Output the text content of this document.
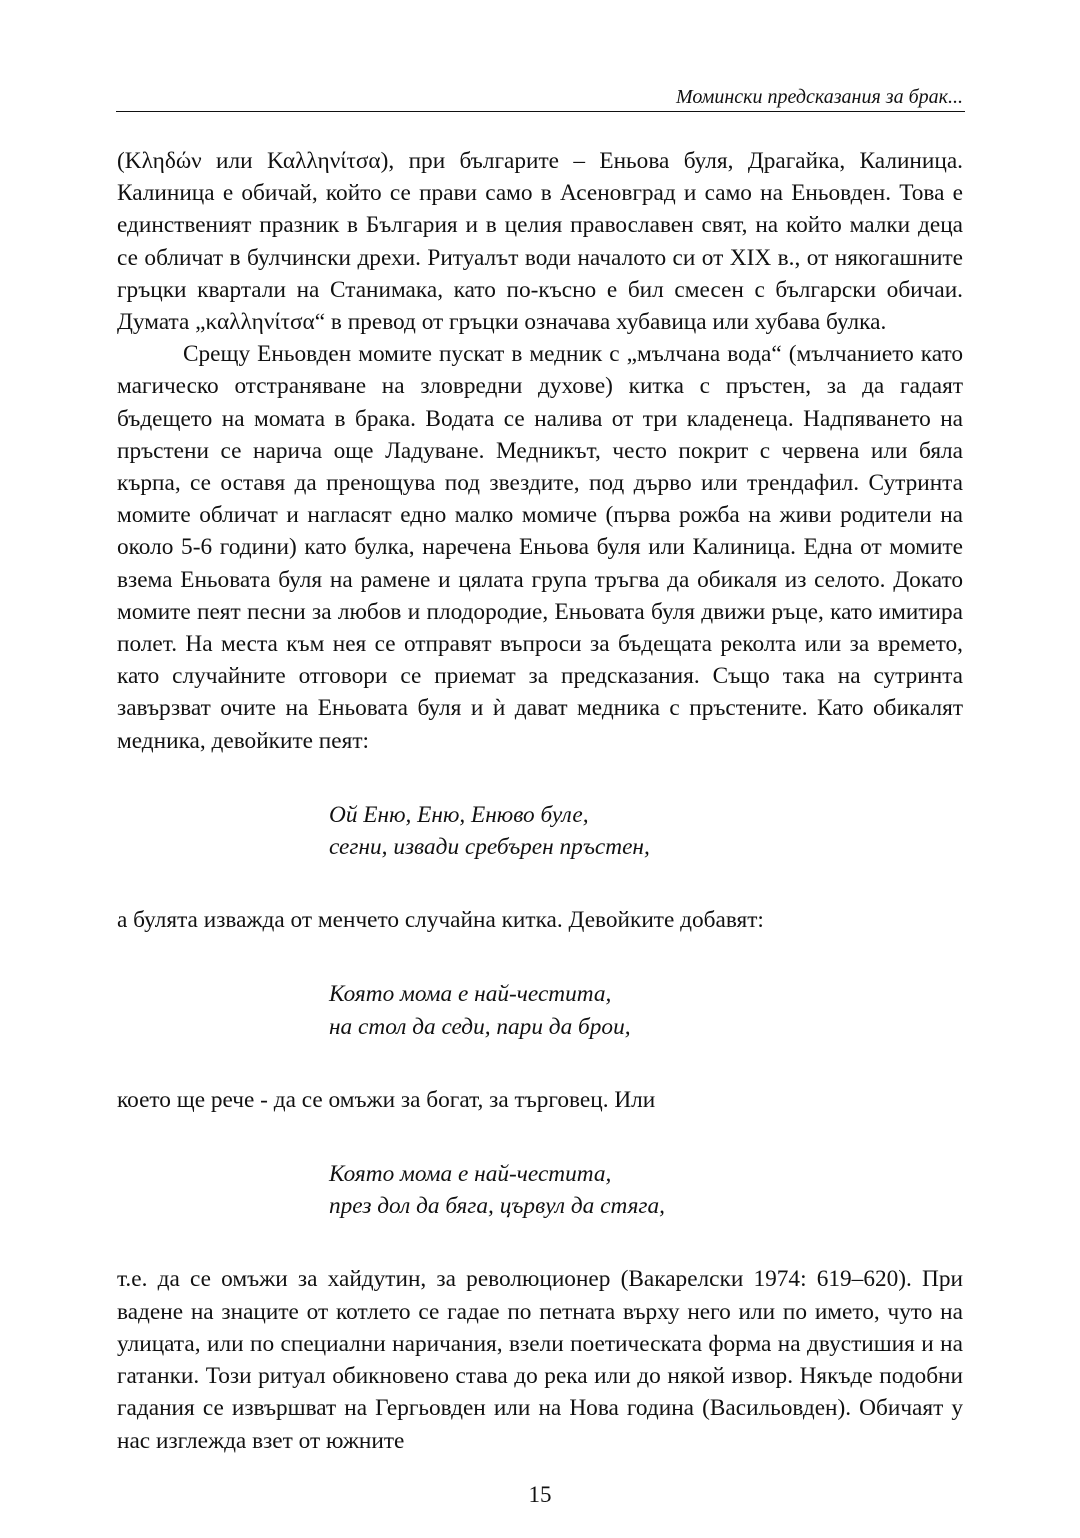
Момински предсказания за брак...

(Κληδών или Καλληνίτσα), при българите – Еньова буля, Драгайка, Калиница. Калиница е обичай, който се прави само в Асеновград и само на Еньовден. Това е единственият празник в България и в целия православен свят, на който малки деца се обличат в булчински дрехи. Ритуалът води началото си от XIX в., от някогашните гръцки квартали на Станимака, като по-късно е бил смесен с български обичаи. Думата „καλληνίτσα“ в превод от гръцки означава хубавица или хубава булка.

Срещу Еньовден момите пускат в медник с „мълчана вода“ (мълчанието като магическо отстраняване на зловредни духове) китка с пръстен, за да гадаят бъдещето на момата в брака. Водата се налива от три кладенеца. Надпяването на пръстени се нарича още Ладуване. Медникът, често покрит с червена или бяла кърпа, се оставя да пренощува под звездите, под дърво или трендафил. Сутринта момите обличат и нагласят едно малко момиче (първа рожба на живи родители на около 5-6 години) като булка, наречена Еньова буля или Калиница. Една от момите взема Еньовата буля на рамене и цялата група тръгва да обикаля из селото. Докато момите пеят песни за любов и плодородие, Еньовата буля движи ръце, като имитира полет. На места към нея се отправят въпроси за бъдещата реколта или за времето, като случайните отговори се приемат за предсказания. Също така на сутринта завързват очите на Еньовата буля и ѝ дават медника с пръстените. Като обикалят медника, девойките пеят:

Ой Еню, Еню, Енюво буле,
сегни, извади сребърен пръстен,

а булята изважда от менчето случайна китка. Девойките добавят:

Която мома е най-честита,
на стол да седи, пари да брои,

което ще рече - да се омъжи за богат, за търговец. Или

Която мома е най-честита,
през дол да бяга, цървул да стяга,

т.е. да се омъжи за хайдутин, за революционер (Вакарелски 1974: 619–620). При вадене на знаците от котлето се гадае по петната върху него или по името, чуто на улицата, или по специални наричания, взели поетическата форма на двустишия и на гатанки. Този ритуал обикновено става до река или до някой извор. Някъде подобни гадания се извършват на Гергьовден или на Нова година (Васильовден). Обичаят у нас изглежда взет от южните

15
